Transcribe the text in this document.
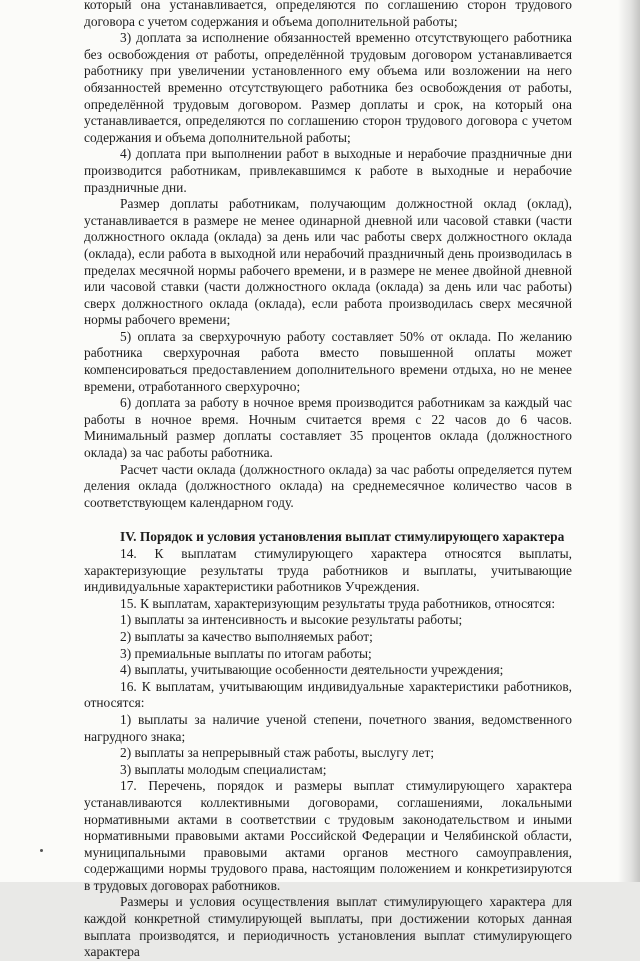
который она устанавливается, определяются по соглашению сторон трудового договора с учетом содержания и объема дополнительной работы;

3) доплата за исполнение обязанностей временно отсутствующего работника без освобождения от работы, определённой трудовым договором устанавливается работнику при увеличении установленного ему объема или возложении на него обязанностей временно отсутствующего работника без освобождения от работы, определённой трудовым договором. Размер доплаты и срок, на который она устанавливается, определяются по соглашению сторон трудового договора с учетом содержания и объема дополнительной работы;

4) доплата при выполнении работ в выходные и нерабочие праздничные дни производится работникам, привлекавшимся к работе в выходные и нерабочие праздничные дни.

Размер доплаты работникам, получающим должностной оклад (оклад), устанавливается в размере не менее одинарной дневной или часовой ставки (части должностного оклада (оклада) за день или час работы сверх должностного оклада (оклада), если работа в выходной или нерабочий праздничный день производилась в пределах месячной нормы рабочего времени, и в размере не менее двойной дневной или часовой ставки (части должностного оклада (оклада) за день или час работы) сверх должностного оклада (оклада), если работа производилась сверх месячной нормы рабочего времени;

5) оплата за сверхурочную работу составляет 50% от оклада. По желанию работника сверхурочная работа вместо повышенной оплаты может компенсироваться предоставлением дополнительного времени отдыха, но не менее времени, отработанного сверхурочно;

6) доплата за работу в ночное время производится работникам за каждый час работы в ночное время. Ночным считается время с 22 часов до 6 часов. Минимальный размер доплаты составляет 35 процентов оклада (должностного оклада) за час работы работника.

Расчет части оклада (должностного оклада) за час работы определяется путем деления оклада (должностного оклада) на среднемесячное количество часов в соответствующем календарном году.

IV. Порядок и условия установления выплат стимулирующего характера

14. К выплатам стимулирующего характера относятся выплаты, характеризующие результаты труда работников и выплаты, учитывающие индивидуальные характеристики работников Учреждения.

15. К выплатам, характеризующим результаты труда работников, относятся:

1) выплаты за интенсивность и высокие результаты работы;

2) выплаты за качество выполняемых работ;

3) премиальные выплаты по итогам работы;

4) выплаты, учитывающие особенности деятельности учреждения;

16. К выплатам, учитывающим индивидуальные характеристики работников, относятся:

1) выплаты за наличие ученой степени, почетного звания, ведомственного нагрудного знака;

2) выплаты за непрерывный стаж работы, выслугу лет;

3) выплаты молодым специалистам;

17. Перечень, порядок и размеры выплат стимулирующего характера устанавливаются коллективными договорами, соглашениями, локальными нормативными актами в соответствии с трудовым законодательством и иными нормативными правовыми актами Российской Федерации и Челябинской области, муниципальными правовыми актами органов местного самоуправления, содержащими нормы трудового права, настоящим положением и конкретизируются в трудовых договорах работников.

Размеры и условия осуществления выплат стимулирующего характера для каждой конкретной стимулирующей выплаты, при достижении которых данная выплата производятся, и периодичность установления выплат стимулирующего характера
